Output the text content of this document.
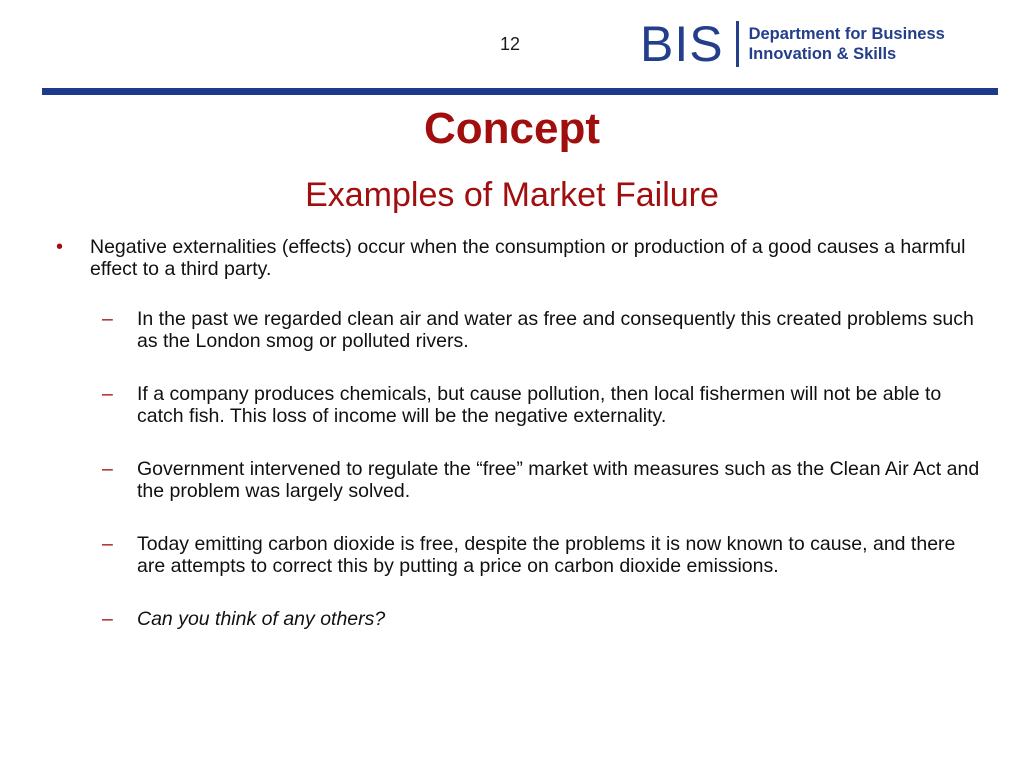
12 BIS Department for Business
Innovation & Skills
Concept
Examples of Market Failure
•	Negative externalities (effects) occur when the consumption or production of a good causes a harmful effect to a third party.
–	In the past we regarded clean air and water as free and consequently this created problems such as the London smog or polluted rivers.
–	If a company produces chemicals, but cause pollution, then local fishermen will not be able to catch fish. This loss of income will be the negative externality.
–	Government intervened to regulate the “free” market with measures such as the Clean Air Act and the problem was largely solved.
–	Today emitting carbon dioxide is free, despite the problems it is now known to cause, and there are attempts to correct this by putting a price on carbon dioxide emissions.
–	Can you think of any others?
